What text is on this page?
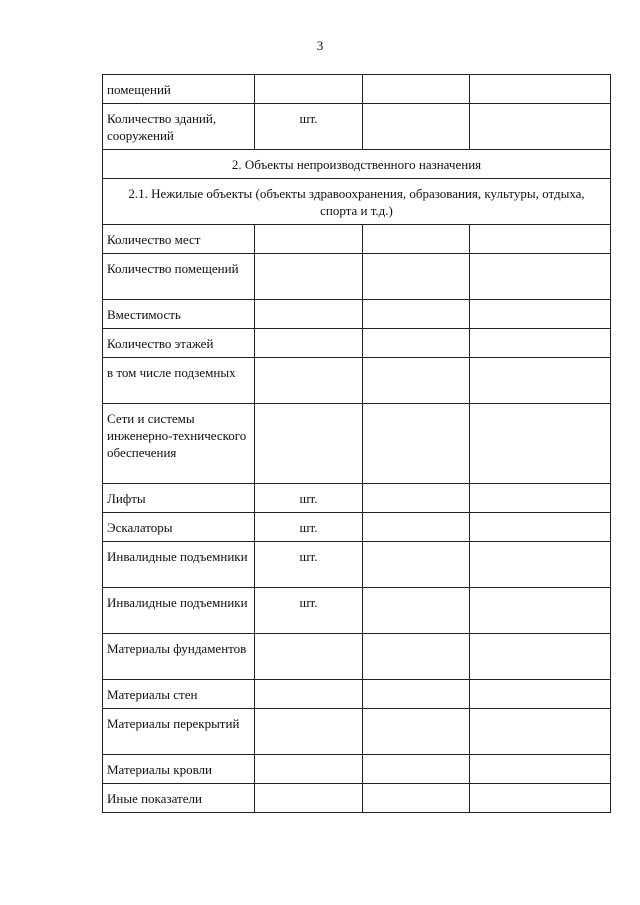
3
помещений			
Количество зданий, сооружений	шт.		
2. Объекты непроизводственного назначения			
2.1. Нежилые объекты (объекты здравоохранения, образования, культуры, отдыха, спорта и т.д.)			
Количество мест			
Количество помещений			
Вместимость			
Количество этажей			
в том числе подземных			
Сети и системы инженерно-технического обеспечения			
Лифты	шт.		
Эскалаторы	шт.		
Инвалидные подъемники	шт.		
Инвалидные подъемники	шт.		
Материалы фундаментов			
Материалы стен			
Материалы перекрытий			
Материалы кровли			
Иные показатели			
